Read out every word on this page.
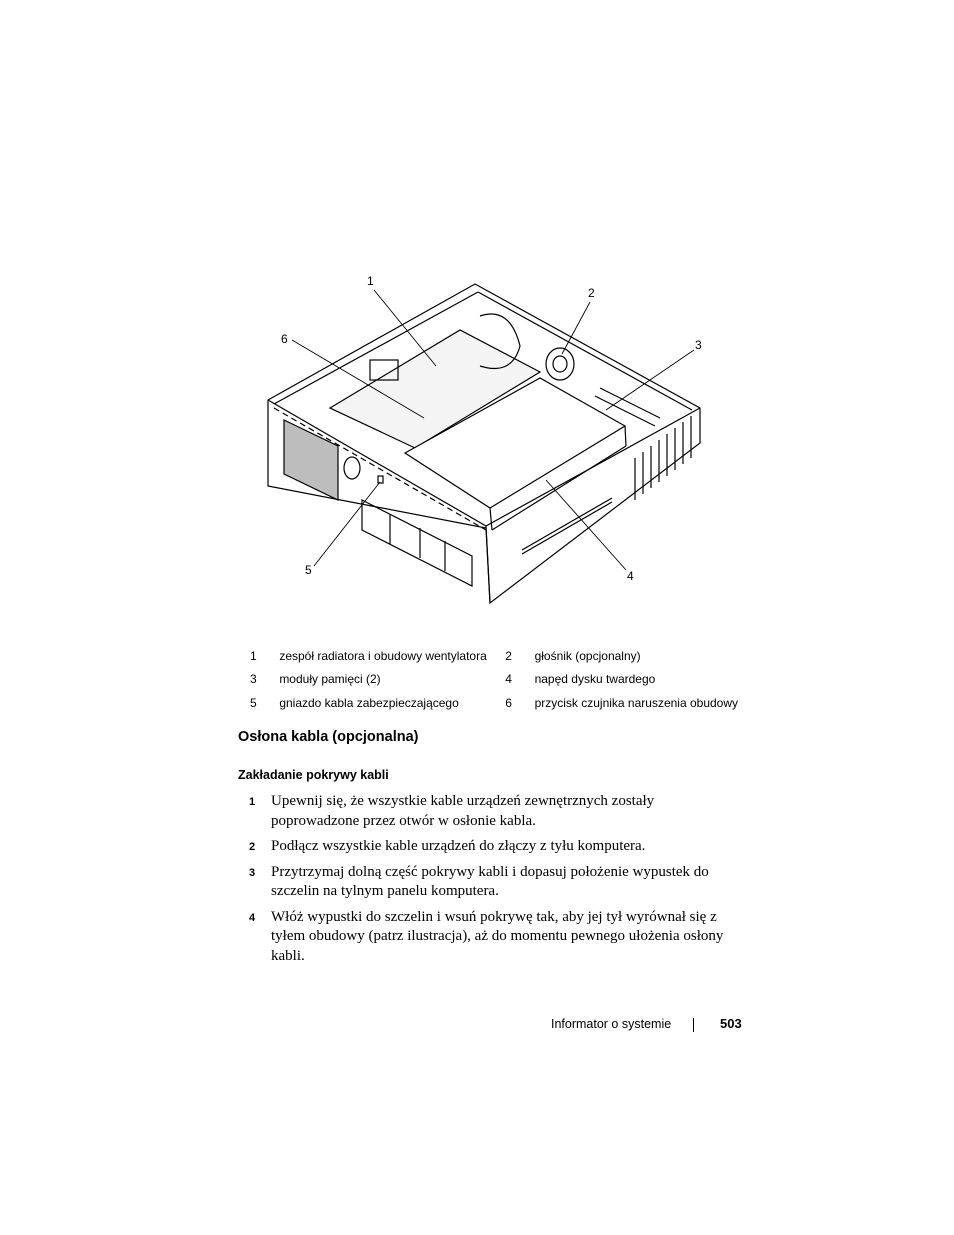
1
2
3
4
5
6
1	zespół radiatora i obudowy wentylatora	2	głośnik (opcjonalny)
3	moduły pamięci (2)	4	napęd dysku twardego
5	gniazdo kabla zabezpieczającego	6	przycisk czujnika naruszenia obudowy
Osłona kabla (opcjonalna)
Zakładanie pokrywy kabli
1 Upewnij się, że wszystkie kable urządzeń zewnętrznych zostały poprowadzone przez otwór w osłonie kabla.
2 Podłącz wszystkie kable urządzeń do złączy z tyłu komputera.
3 Przytrzymaj dolną część pokrywy kabli i dopasuj położenie wypustek do szczelin na tylnym panelu komputera.
4 Włóż wypustki do szczelin i wsuń pokrywę tak, aby jej tył wyrównał się z tyłem obudowy (patrz ilustracja), aż do momentu pewnego ułożenia osłony kabli.
Informator o systemie	503
